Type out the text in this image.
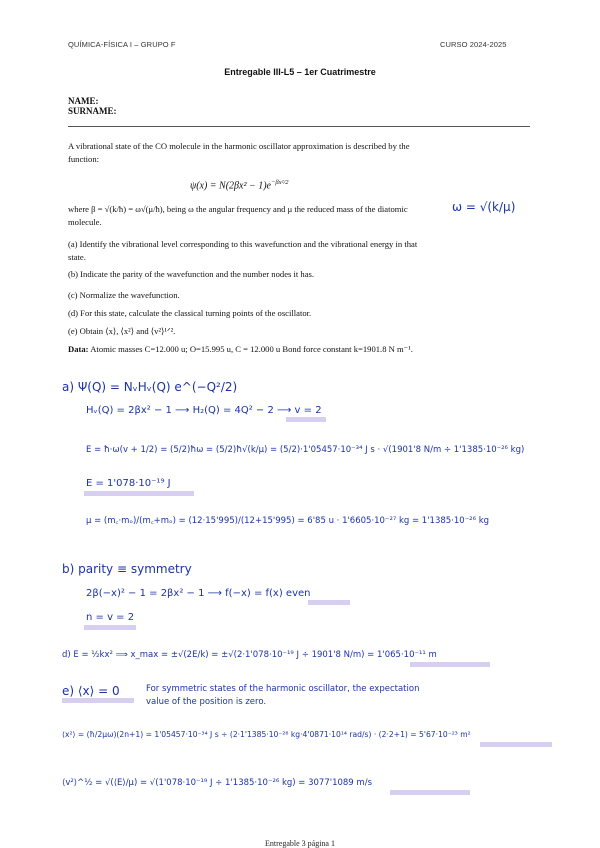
QUÍMICA-FÍSICA I – GRUPO F	CURSO 2024-2025
Entregable III-L5 – 1er Cuatrimestre
NAME:
SURNAME:
A vibrational state of the CO molecule in the harmonic oscillator approximation is described by the function:
$\psi(x) = N(2\beta x^2 - 1)e^{-\beta x^2/2}$
where β = √(k/ħ) = ω√(μ/ħ), being ω the angular frequency and μ the reduced mass of the diatomic molecule.
(a) Identify the vibrational level corresponding to this wavefunction and the vibrational energy in that state.
(b) Indicate the parity of the wavefunction and the number nodes it has.
(c) Normalize the wavefunction.
(d) For this state, calculate the classical turning points of the oscillator.
(e) Obtain ⟨x⟩, ⟨x²⟩ and ⟨v²⟩¹ᐟ².
Data: Atomic masses C=12.000 u; O=15.995 u, C = 12.000 u Bond force constant k=1901.8 N m⁻¹.
ω = √(k/μ)
a) Ψ(Q) = NᵥHᵥ(Q) e^(−Q²/2)
Hᵥ(Q) = 2βx² − 1 ⟶ H₂(Q) = 4Q² − 2 ⟶ v = 2
E = ħ·ω(v + 1/2) = (5/2)ħω = (5/2)ħ√(k/μ) = (5/2)·1'05457·10⁻³⁴ J s · √(1901'8 N/m ÷ 1'1385·10⁻²⁶ kg)
E = 1'078·10⁻¹⁹ J
μ = (m꜀·mₒ)/(m꜀+mₒ) = (12·15'995)/(12+15'995) = 6'85 u · 1'6605·10⁻²⁷ kg = 1'1385·10⁻²⁶ kg
b) parity ≡ symmetry
2β(−x)² − 1 = 2βx² − 1 ⟶ f(−x) = f(x) even
n = v = 2
d) E = ½kx² ⟹ x_max = ±√(2E/k) = ±√(2·1'078·10⁻¹⁹ J ÷ 1901'8 N/m) = 1'065·10⁻¹¹ m
e) ⟨x⟩ = 0	For symmetric states of the harmonic oscillator, the expectation
value of the position is zero.
⟨x²⟩ = (ħ/2μω)(2n+1) = 1'05457·10⁻³⁴ J s ÷ (2·1'1385·10⁻²⁶ kg·4'0871·10¹⁴ rad/s) · (2·2+1) = 5'67·10⁻²³ m²
⟨v²⟩^½ = √(⟨E⟩/μ) = √(1'078·10⁻¹⁹ J ÷ 1'1385·10⁻²⁶ kg) = 3077'1089 m/s
Entregable 3 página 1
